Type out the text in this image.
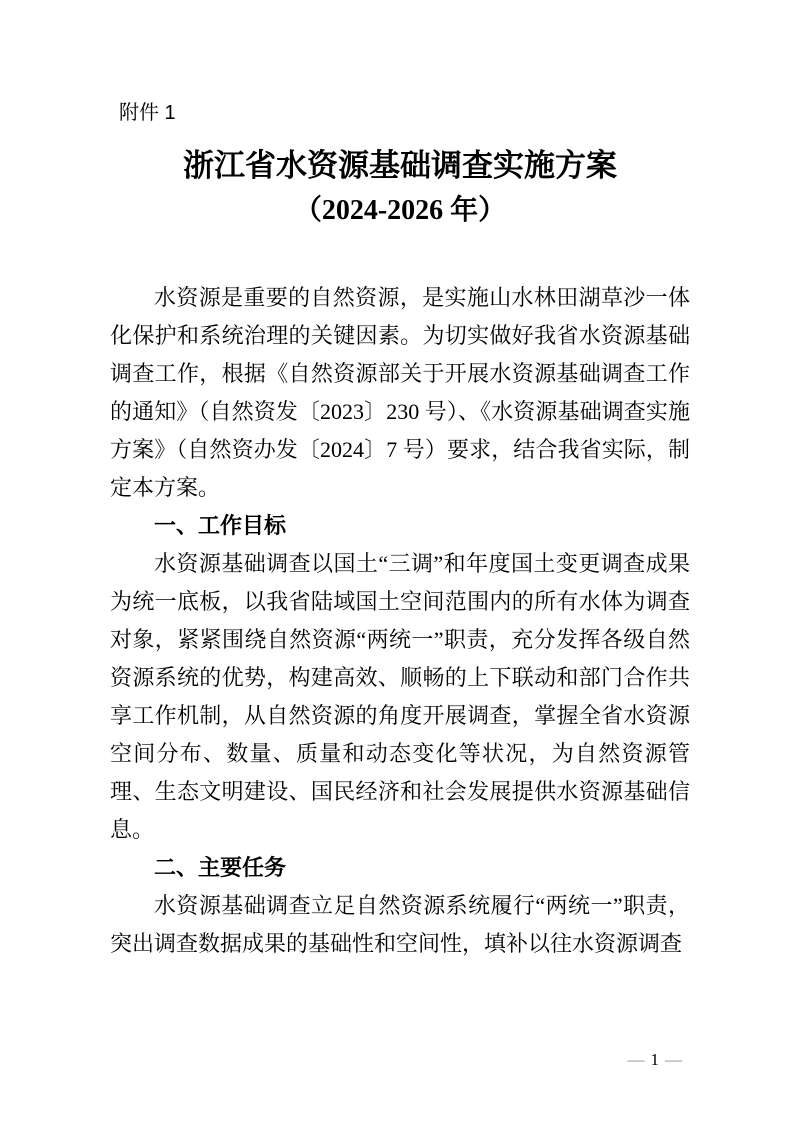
附件 1
浙江省水资源基础调查实施方案
（2024-2026 年）

水资源是重要的自然资源，是实施山水林田湖草沙一体化保护和系统治理的关键因素。为切实做好我省水资源基础调查工作，根据《自然资源部关于开展水资源基础调查工作的通知》（自然资发〔2023〕230 号）、《水资源基础调查实施方案》（自然资办发〔2024〕7 号）要求，结合我省实际，制定本方案。

一、工作目标

水资源基础调查以国土“三调”和年度国土变更调查成果为统一底板，以我省陆域国土空间范围内的所有水体为调查对象，紧紧围绕自然资源“两统一”职责，充分发挥各级自然资源系统的优势，构建高效、顺畅的上下联动和部门合作共享工作机制，从自然资源的角度开展调查，掌握全省水资源空间分布、数量、质量和动态变化等状况，为自然资源管理、生态文明建设、国民经济和社会发展提供水资源基础信息。

二、主要任务

水资源基础调查立足自然资源系统履行“两统一”职责，突出调查数据成果的基础性和空间性，填补以往水资源调查

— 1 —
